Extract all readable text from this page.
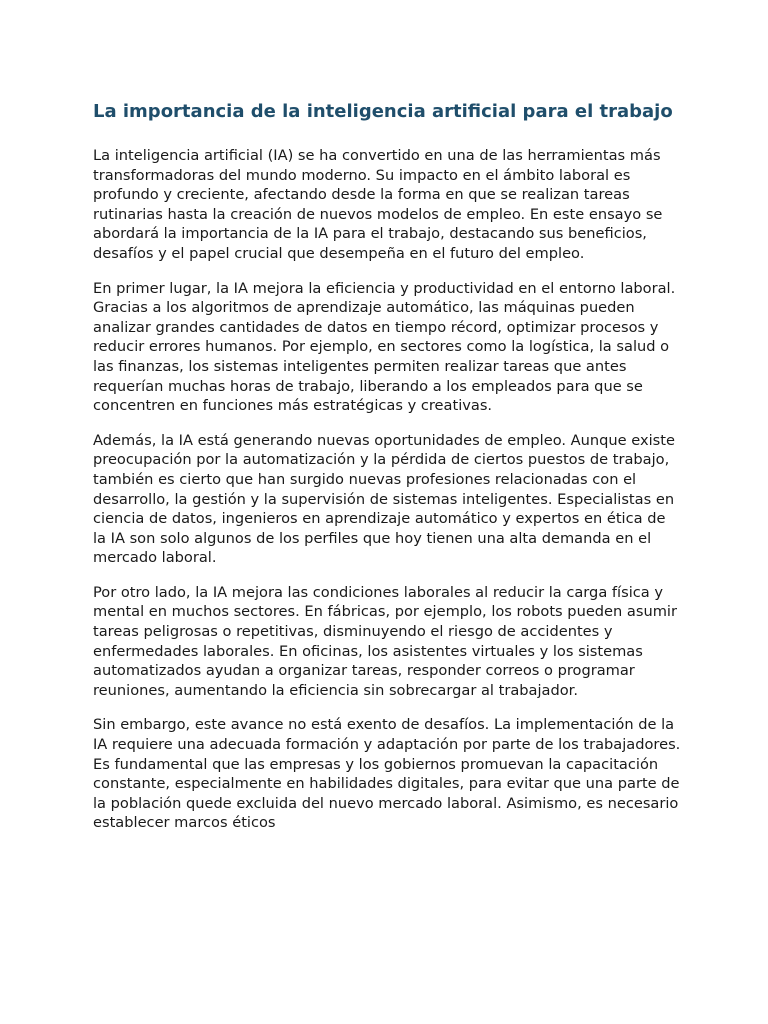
La importancia de la inteligencia artificial para el trabajo

La inteligencia artificial (IA) se ha convertido en una de las herramientas más transformadoras del mundo moderno. Su impacto en el ámbito laboral es profundo y creciente, afectando desde la forma en que se realizan tareas rutinarias hasta la creación de nuevos modelos de empleo. En este ensayo se abordará la importancia de la IA para el trabajo, destacando sus beneficios, desafíos y el papel crucial que desempeña en el futuro del empleo.

En primer lugar, la IA mejora la eficiencia y productividad en el entorno laboral. Gracias a los algoritmos de aprendizaje automático, las máquinas pueden analizar grandes cantidades de datos en tiempo récord, optimizar procesos y reducir errores humanos. Por ejemplo, en sectores como la logística, la salud o las finanzas, los sistemas inteligentes permiten realizar tareas que antes requerían muchas horas de trabajo, liberando a los empleados para que se concentren en funciones más estratégicas y creativas.

Además, la IA está generando nuevas oportunidades de empleo. Aunque existe preocupación por la automatización y la pérdida de ciertos puestos de trabajo, también es cierto que han surgido nuevas profesiones relacionadas con el desarrollo, la gestión y la supervisión de sistemas inteligentes. Especialistas en ciencia de datos, ingenieros en aprendizaje automático y expertos en ética de la IA son solo algunos de los perfiles que hoy tienen una alta demanda en el mercado laboral.

Por otro lado, la IA mejora las condiciones laborales al reducir la carga física y mental en muchos sectores. En fábricas, por ejemplo, los robots pueden asumir tareas peligrosas o repetitivas, disminuyendo el riesgo de accidentes y enfermedades laborales. En oficinas, los asistentes virtuales y los sistemas automatizados ayudan a organizar tareas, responder correos o programar reuniones, aumentando la eficiencia sin sobrecargar al trabajador.

Sin embargo, este avance no está exento de desafíos. La implementación de la IA requiere una adecuada formación y adaptación por parte de los trabajadores. Es fundamental que las empresas y los gobiernos promuevan la capacitación constante, especialmente en habilidades digitales, para evitar que una parte de la población quede excluida del nuevo mercado laboral. Asimismo, es necesario establecer marcos éticos
